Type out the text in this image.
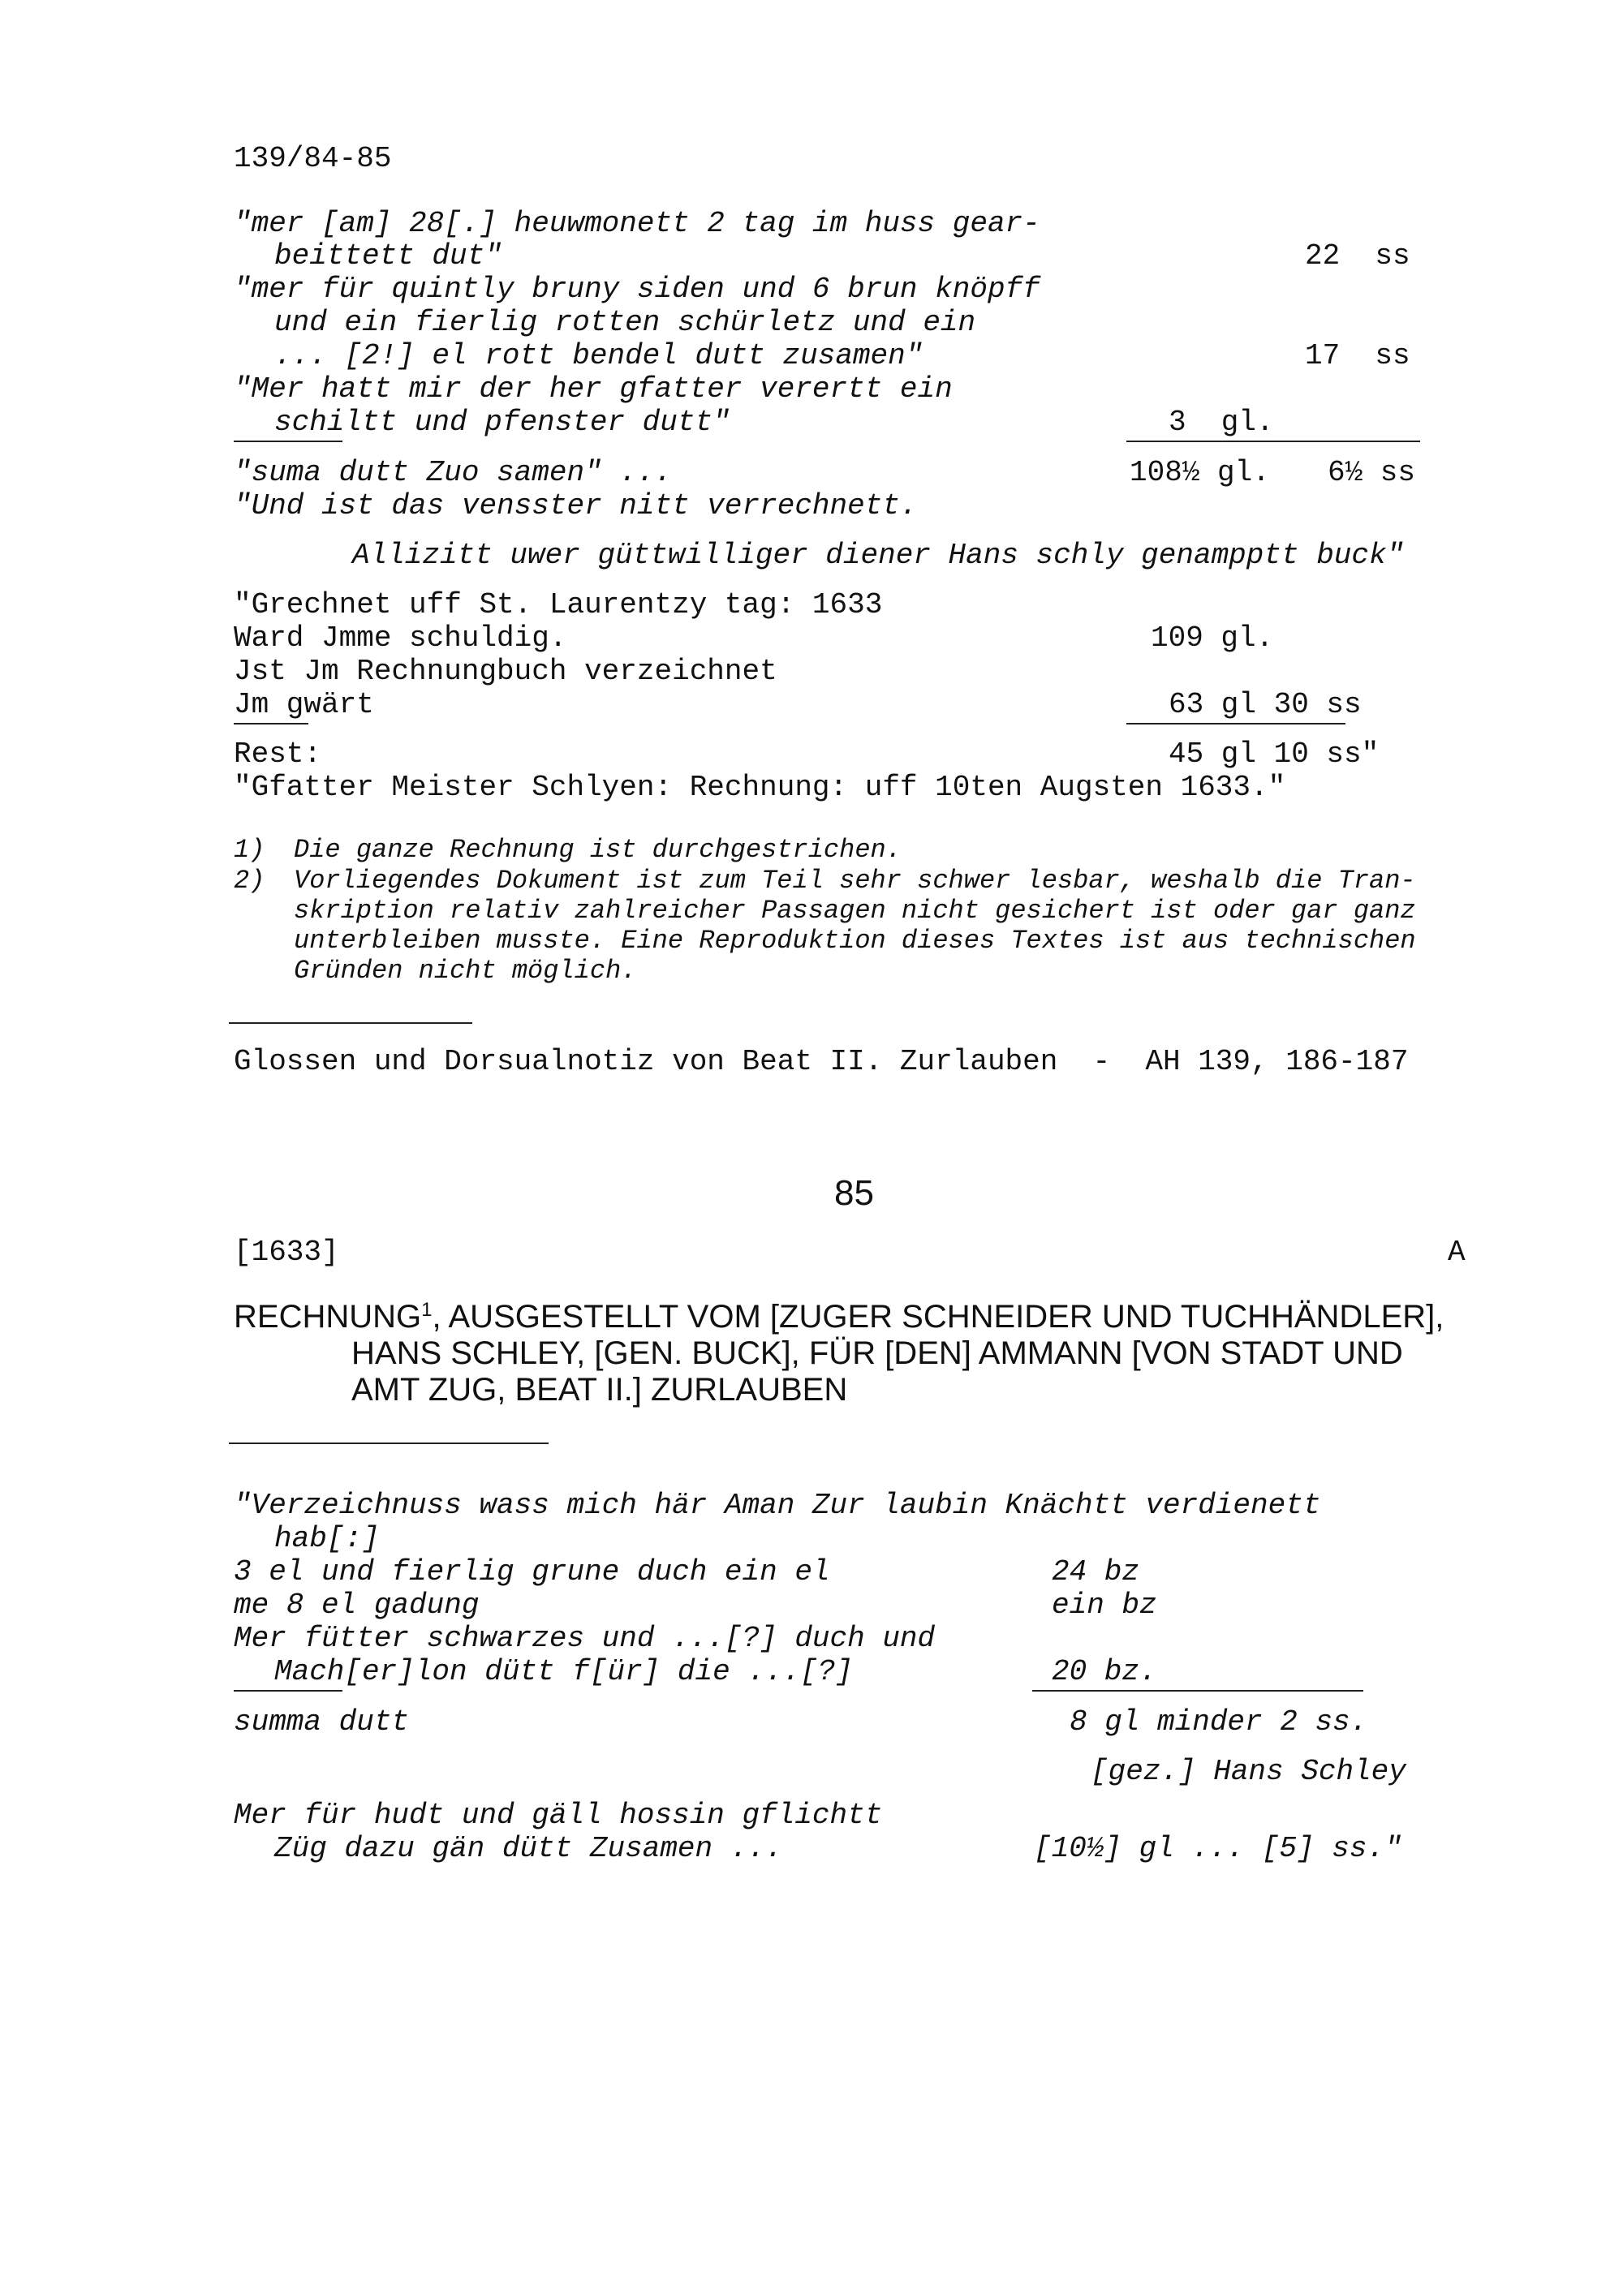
139/84-85
"mer [am] 28[.] heuwmonett 2 tag im huss gear-
beittett dut"	22  ss
"mer für quintly bruny siden und 6 brun knöpff
und ein fierlig rotten schürletz und ein
... [2!] el rott bendel dutt zusamen"	17  ss
"Mer hatt mir der her gfatter verertt ein
schiltt und pfenster dutt"	3  gl.
"suma dutt Zuo samen" ...	108½ gl. 6½ ss
"Und ist das vensster nitt verrechnett.
Allizitt uwer güttwilliger diener Hans schly genampptt buck"
"Grechnet uff St. Laurentzy tag: 1633
Ward Jmme schuldig.	109 gl.
Jst Jm Rechnungbuch verzeichnet
Jm gwärt	63 gl 30 ss
Rest:	45 gl 10 ss"
"Gfatter Meister Schlyen: Rechnung: uff 10ten Augsten 1633."
1) Die ganze Rechnung ist durchgestrichen.
2) Vorliegendes Dokument ist zum Teil sehr schwer lesbar, weshalb die Tran-
skription relativ zahlreicher Passagen nicht gesichert ist oder gar ganz
unterbleiben musste. Eine Reproduktion dieses Textes ist aus technischen
Gründen nicht möglich.
Glossen und Dorsualnotiz von Beat II. Zurlauben  -  AH 139, 186-187
85
[1633]	A
RECHNUNG$^1$, AUSGESTELLT VOM [ZUGER SCHNEIDER UND TUCHHÄNDLER],
HANS SCHLEY, [GEN. BUCK], FÜR [DEN] AMMANN [VON STADT UND
AMT ZUG, BEAT II.] ZURLAUBEN
"Verzeichnuss wass mich här Aman Zur laubin Knächtt verdienett
hab[:]
3 el und fierlig grune duch ein el	24 bz
me 8 el gadung	ein bz
Mer fütter schwarzes und ...[?] duch und
Mach[er]lon dütt f[ür] die ...[?]	20 bz.
summa dutt	8 gl minder 2 ss.
[gez.] Hans Schley
Mer für hudt und gäll hossin gflichtt
Züg dazu gän dütt Zusamen ...	[10½] gl ... [5] ss."
